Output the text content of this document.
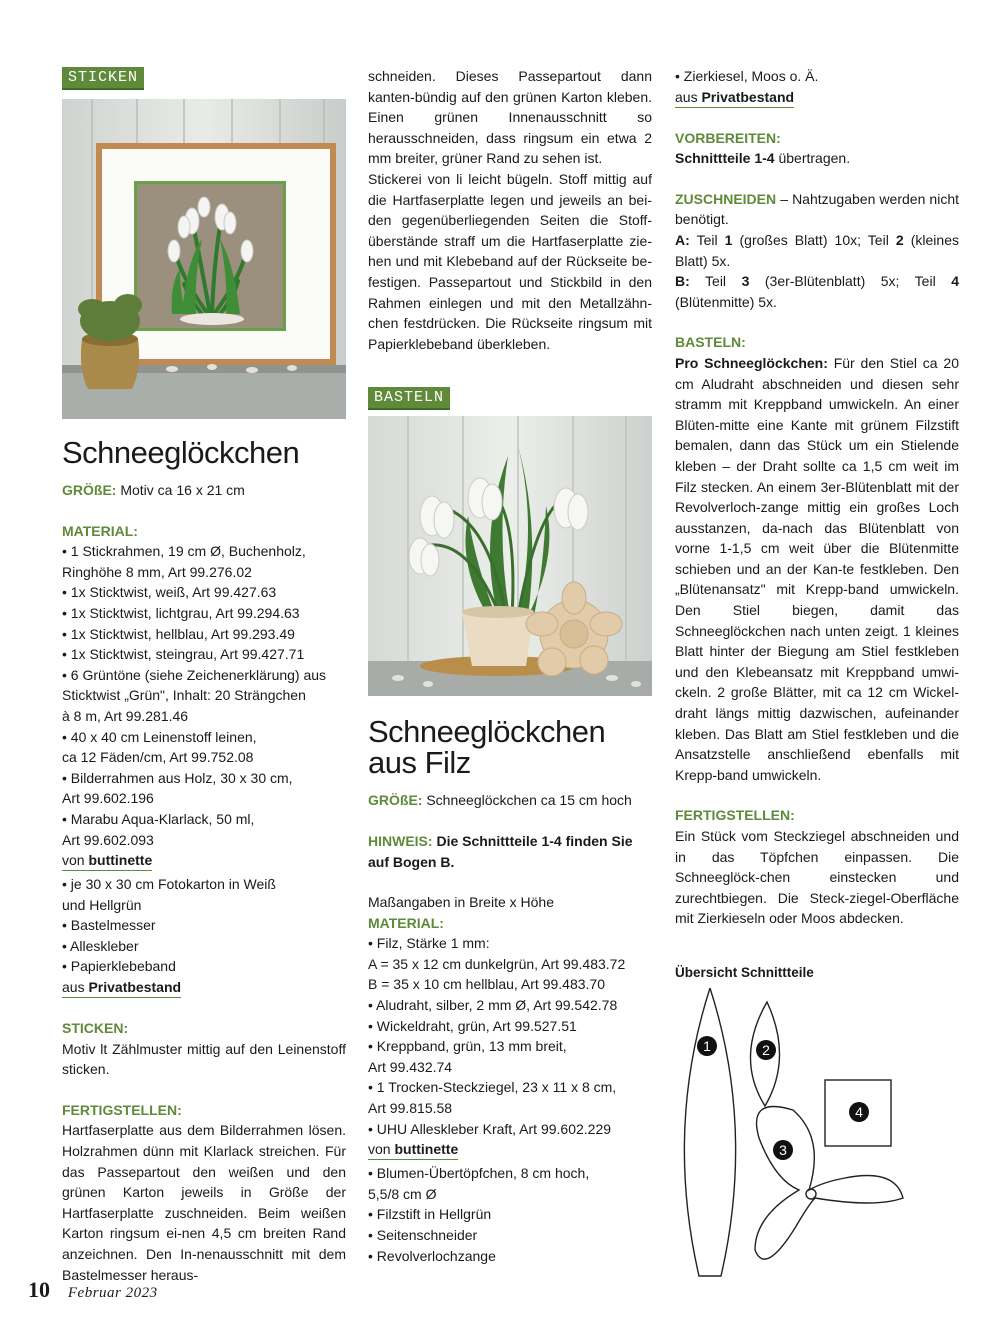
STICKEN
Schneeglöckchen

GRÖßE: Motiv ca 16 x 21 cm

MATERIAL:

• 1 Stickrahmen, 19 cm Ø, Buchenholz,
Ringhöhe 8 mm, Art 99.276.02
• 1x Sticktwist, weiß, Art 99.427.63
• 1x Sticktwist, lichtgrau, Art 99.294.63
• 1x Sticktwist, hellblau, Art 99.293.49
• 1x Sticktwist, steingrau, Art 99.427.71
• 6 Grüntöne (siehe Zeichenerklärung) aus
Sticktwist „Grün", Inhalt: 20 Strängchen
à 8 m, Art 99.281.46
• 40 x 40 cm Leinenstoff leinen,
ca 12 Fäden/cm, Art 99.752.08
• Bilderrahmen aus Holz, 30 x 30 cm,
Art 99.602.196
• Marabu Aqua-Klarlack, 50 ml,
Art 99.602.093
von buttinette
• je 30 x 30 cm Fotokarton in Weiß
und Hellgrün
• Bastelmesser
• Alleskleber
• Papierklebeband
aus Privatbestand

STICKEN:

Motiv lt Zählmuster mittig auf den Leinenstoff sticken.

FERTIGSTELLEN:

Hartfaserplatte aus dem Bilderrahmen lösen. Holzrahmen dünn mit Klarlack streichen. Für das Passepartout den weißen und den grünen Karton jeweils in Größe der Hartfaserplatte zuschneiden. Beim weißen Karton ringsum ei-nen 4,5 cm breiten Rand anzeichnen. Den In-nenausschnitt mit dem Bastelmesser heraus-

schneiden. Dieses Passepartout dann kanten-bündig auf den grünen Karton kleben. Einen grünen Innenausschnitt so herausschneiden, dass ringsum ein etwa 2 mm breiter, grüner Rand zu sehen ist.

Stickerei von li leicht bügeln. Stoff mittig auf die Hartfaserplatte legen und jeweils an bei-den gegenüberliegenden Seiten die Stoff-überstände straff um die Hartfaserplatte zie-hen und mit Klebeband auf der Rückseite be-festigen. Passepartout und Stickbild in den Rahmen einlegen und mit den Metallzähn-chen festdrücken. Die Rückseite ringsum mit Papierklebeband überkleben.

BASTELN
Schneeglöckchen
aus Filz

GRÖßE: Schneeglöckchen ca 15 cm hoch

HINWEIS: Die Schnittteile 1-4 finden Sie auf Bogen B.

Maßangaben in Breite x Höhe

MATERIAL:

• Filz, Stärke 1 mm:
A = 35 x 12 cm dunkelgrün, Art 99.483.72
B = 35 x 10 cm hellblau, Art 99.483.70
• Aludraht, silber, 2 mm Ø, Art 99.542.78
• Wickeldraht, grün, Art 99.527.51
• Kreppband, grün, 13 mm breit,
Art 99.432.74
• 1 Trocken-Steckziegel, 23 x 11 x 8 cm,
Art 99.815.58
• UHU Alleskleber Kraft, Art 99.602.229
von buttinette
• Blumen-Übertöpfchen, 8 cm hoch,
5,5/8 cm Ø
• Filzstift in Hellgrün
• Seitenschneider
• Revolverlochzange
• Zierkiesel, Moos o. Ä.
aus Privatbestand

VORBEREITEN:

Schnittteile 1-4 übertragen.

ZUSCHNEIDEN – Nahtzugaben werden nicht benötigt.

A: Teil 1 (großes Blatt) 10x; Teil 2 (kleines Blatt) 5x.

B: Teil 3 (3er-Blütenblatt) 5x; Teil 4 (Blütenmitte) 5x.

BASTELN:

Pro Schneeglöckchen: Für den Stiel ca 20 cm Aludraht abschneiden und diesen sehr stramm mit Kreppband umwickeln. An einer Blüten-mitte eine Kante mit grünem Filzstift bemalen, dann das Stück um ein Stielende kleben – der Draht sollte ca 1,5 cm weit im Filz stecken. An einem 3er-Blütenblatt mit der Revolverloch-zange mittig ein großes Loch ausstanzen, da-nach das Blütenblatt von vorne 1-1,5 cm weit über die Blütenmitte schieben und an der Kan-te festkleben. Den „Blütenansatz" mit Krepp-band umwickeln. Den Stiel biegen, damit das Schneeglöckchen nach unten zeigt. 1 kleines Blatt hinter der Biegung am Stiel festkleben und den Klebeansatz mit Kreppband umwi-ckeln. 2 große Blätter, mit ca 12 cm Wickel-draht längs mittig dazwischen, aufeinander kleben. Das Blatt am Stiel festkleben und die Ansatzstelle anschließend ebenfalls mit Krepp-band umwickeln.

FERTIGSTELLEN:

Ein Stück vom Steckziegel abschneiden und in das Töpfchen einpassen. Die Schneeglöck-chen einstecken und zurechtbiegen. Die Steck-ziegel-Oberfläche mit Zierkieseln oder Moos abdecken.

Übersicht Schnittteile

1	2
3
4
10 Februar 2023
